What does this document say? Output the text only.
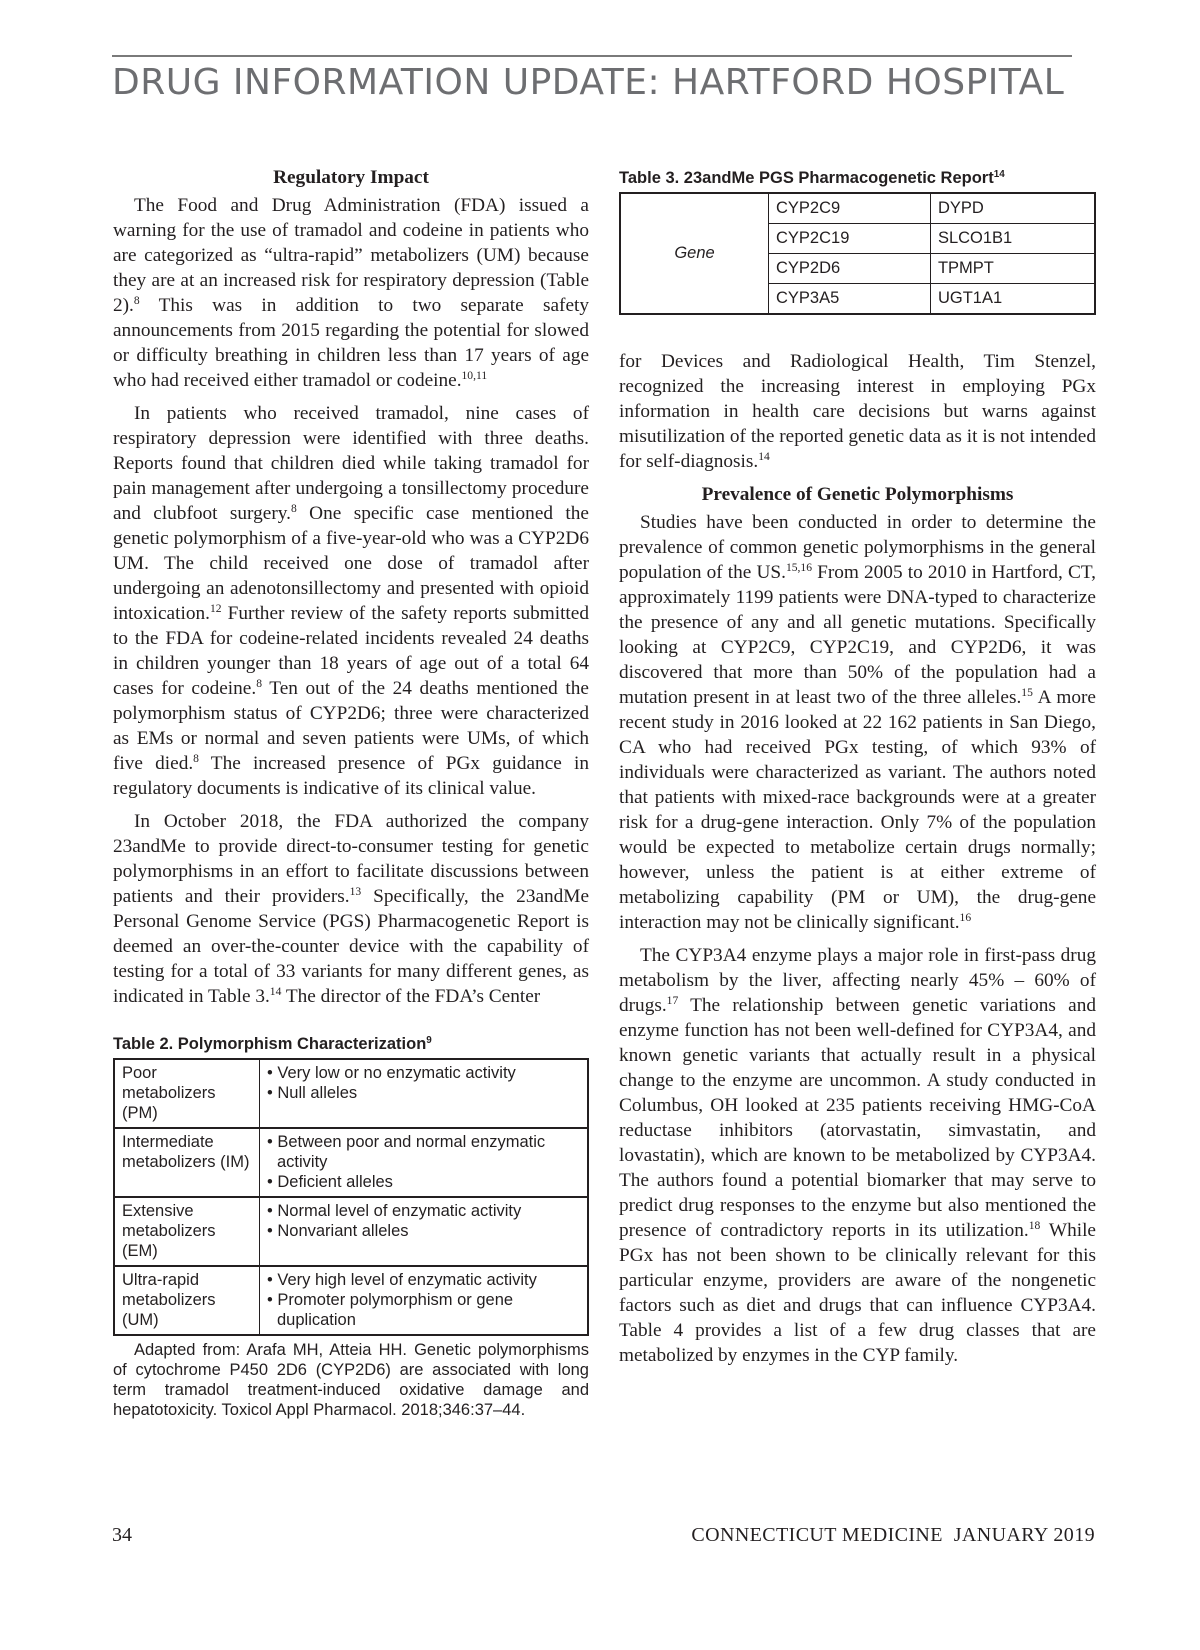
DRUG INFORMATION UPDATE: HARTFORD HOSPITAL
Regulatory Impact

The Food and Drug Administration (FDA) issued a warning for the use of tramadol and codeine in patients who are categorized as “ultra-rapid” metabolizers (UM) because they are at an increased risk for respiratory depression (Table 2).$^8$ This was in addition to two separate safety announcements from 2015 regarding the potential for slowed or difficulty breathing in children less than 17 years of age who had received either tramadol or codeine.$^{10,11}$

In patients who received tramadol, nine cases of respiratory depression were identified with three deaths. Reports found that children died while taking tramadol for pain management after undergoing a tonsillectomy procedure and clubfoot surgery.$^8$ One specific case mentioned the genetic polymorphism of a five-year-old who was a CYP2D6 UM. The child received one dose of tramadol after undergoing an adenotonsillectomy and presented with opioid intoxication.$^{12}$ Further review of the safety reports submitted to the FDA for codeine-related incidents revealed 24 deaths in children younger than 18 years of age out of a total 64 cases for codeine.$^8$ Ten out of the 24 deaths mentioned the polymorphism status of CYP2D6; three were characterized as EMs or normal and seven patients were UMs, of which five died.$^8$ The increased presence of PGx guidance in regulatory documents is indicative of its clinical value.

In October 2018, the FDA authorized the company 23andMe to provide direct-to-consumer testing for genetic polymorphisms in an effort to facilitate discussions between patients and their providers.$^{13}$ Specifically, the 23andMe Personal Genome Service (PGS) Pharmacogenetic Report is deemed an over-the-counter device with the capability of testing for a total of 33 variants for many different genes, as indicated in Table 3.14 The director of the FDA’s Center

Table 2. Polymorphism Characterization$^9$
Poor metabolizers (PM)	• Very low or no enzymatic activity
• Null alleles

Intermediate metabolizers (IM)	• Between poor and normal enzymatic activity
• Deficient alleles

Extensive metabolizers (EM)	• Normal level of enzymatic activity
• Nonvariant alleles

Ultra-rapid metabolizers (UM)	• Very high level of enzymatic activity
• Promoter polymorphism or gene duplication

Adapted from: Arafa MH, Atteia HH. Genetic polymorphisms of cytochrome P450 2D6 (CYP2D6) are associated with long term tramadol treatment-induced oxidative damage and hepatotoxicity. Toxicol Appl Pharmacol. 2018;346:37–44.

Table 3. 23andMe PGS Pharmacogenetic Report$^{14}$
Gene	CYP2C9	DYPD
	CYP2C19	SLCO1B1
	CYP2D6	TPMPT
	CYP3A5	UGT1A1

for Devices and Radiological Health, Tim Stenzel, recognized the increasing interest in employing PGx information in health care decisions but warns against misutilization of the reported genetic data as it is not intended for self-diagnosis.$^{14}$

Prevalence of Genetic Polymorphisms

Studies have been conducted in order to determine the prevalence of common genetic polymorphisms in the general population of the US.$^{15,16}$ From 2005 to 2010 in Hartford, CT, approximately 1199 patients were DNA-typed to characterize the presence of any and all genetic mutations. Specifically looking at CYP2C9, CYP2C19, and CYP2D6, it was discovered that more than 50% of the population had a mutation present in at least two of the three alleles.$^{15}$ A more recent study in 2016 looked at 22 162 patients in San Diego, CA who had received PGx testing, of which 93% of individuals were characterized as variant. The authors noted that patients with mixed-race backgrounds were at a greater risk for a drug-gene interaction. Only 7% of the population would be expected to metabolize certain drugs normally; however, unless the patient is at either extreme of metabolizing capability (PM or UM), the drug-gene interaction may not be clinically significant.$^{16}$

The CYP3A4 enzyme plays a major role in first-pass drug metabolism by the liver, affecting nearly 45% – 60% of drugs.$^{17}$ The relationship between genetic variations and enzyme function has not been well-defined for CYP3A4, and known genetic variants that actually result in a physical change to the enzyme are uncommon. A study conducted in Columbus, OH looked at 235 patients receiving HMG-CoA reductase inhibitors (atorvastatin, simvastatin, and lovastatin), which are known to be metabolized by CYP3A4. The authors found a potential biomarker that may serve to predict drug responses to the enzyme but also mentioned the presence of contradictory reports in its utilization.$^{18}$ While PGx has not been shown to be clinically relevant for this particular enzyme, providers are aware of the nongenetic factors such as diet and drugs that can influence CYP3A4. Table 4 provides a list of a few drug classes that are metabolized by enzymes in the CYP family.

34	CONNECTICUT MEDICINE  JANUARY 2019
